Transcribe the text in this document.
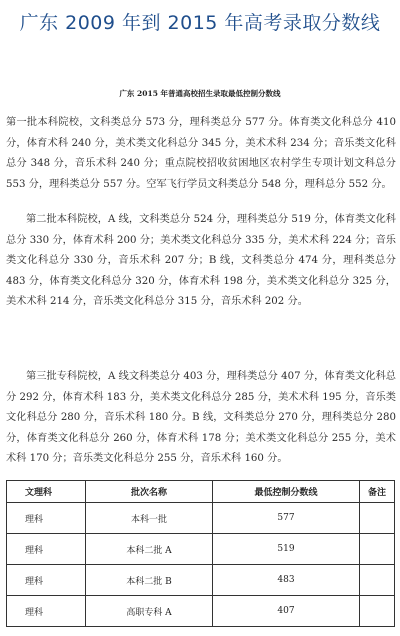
广东 2009 年到 2015 年高考录取分数线
广东 2015 年普通高校招生录取最低控制分数线

第一批本科院校，文科类总分 573 分，理科类总分 577 分。体育类文化科总分 410 分，体育术科 240 分，美术类文化科总分 345 分，美术术科 234 分；音乐类文化科总分 348 分，音乐术科 240 分；重点院校招收贫困地区农村学生专项计划文科总分 553 分，理科类总分 557 分。空军飞行学员文科类总分 548 分，理科总分 552 分。

第二批本科院校，A 线，文科类总分 524 分，理科类总分 519 分，体育类文化科总分 330 分，体育术科 200 分；美术类文化科总分 335 分，美术术科 224 分；音乐类文化科总分 330 分，音乐术科 207 分；B 线，文科类总分 474 分，理科类总分 483 分，体育类文化科总分 320 分，体育术科 198 分，美术类文化科总分 325 分，美术术科 214 分，音乐类文化科总分 315 分，音乐术科 202 分。

第三批专科院校，A 线文科类总分 403 分，理科类总分 407 分，体育类文化科总分 292 分，体育术科 183 分，美术类文化科总分 285 分，美术术科 195 分，音乐类文化科总分 280 分，音乐术科 180 分。B 线，文科类总分 270 分，理科类总分 280 分，体育类文化科总分 260 分，体育术科 178 分；美术类文化科总分 255 分，美术术科 170 分；音乐类文化科总分 255 分，音乐术科 160 分。

文理科	批次名称	最低控制分数线	备注
理科	本科一批	577	
理科	本科二批 A	519	
理科	本科二批 B	483	
理科	高职专科 A	407	
